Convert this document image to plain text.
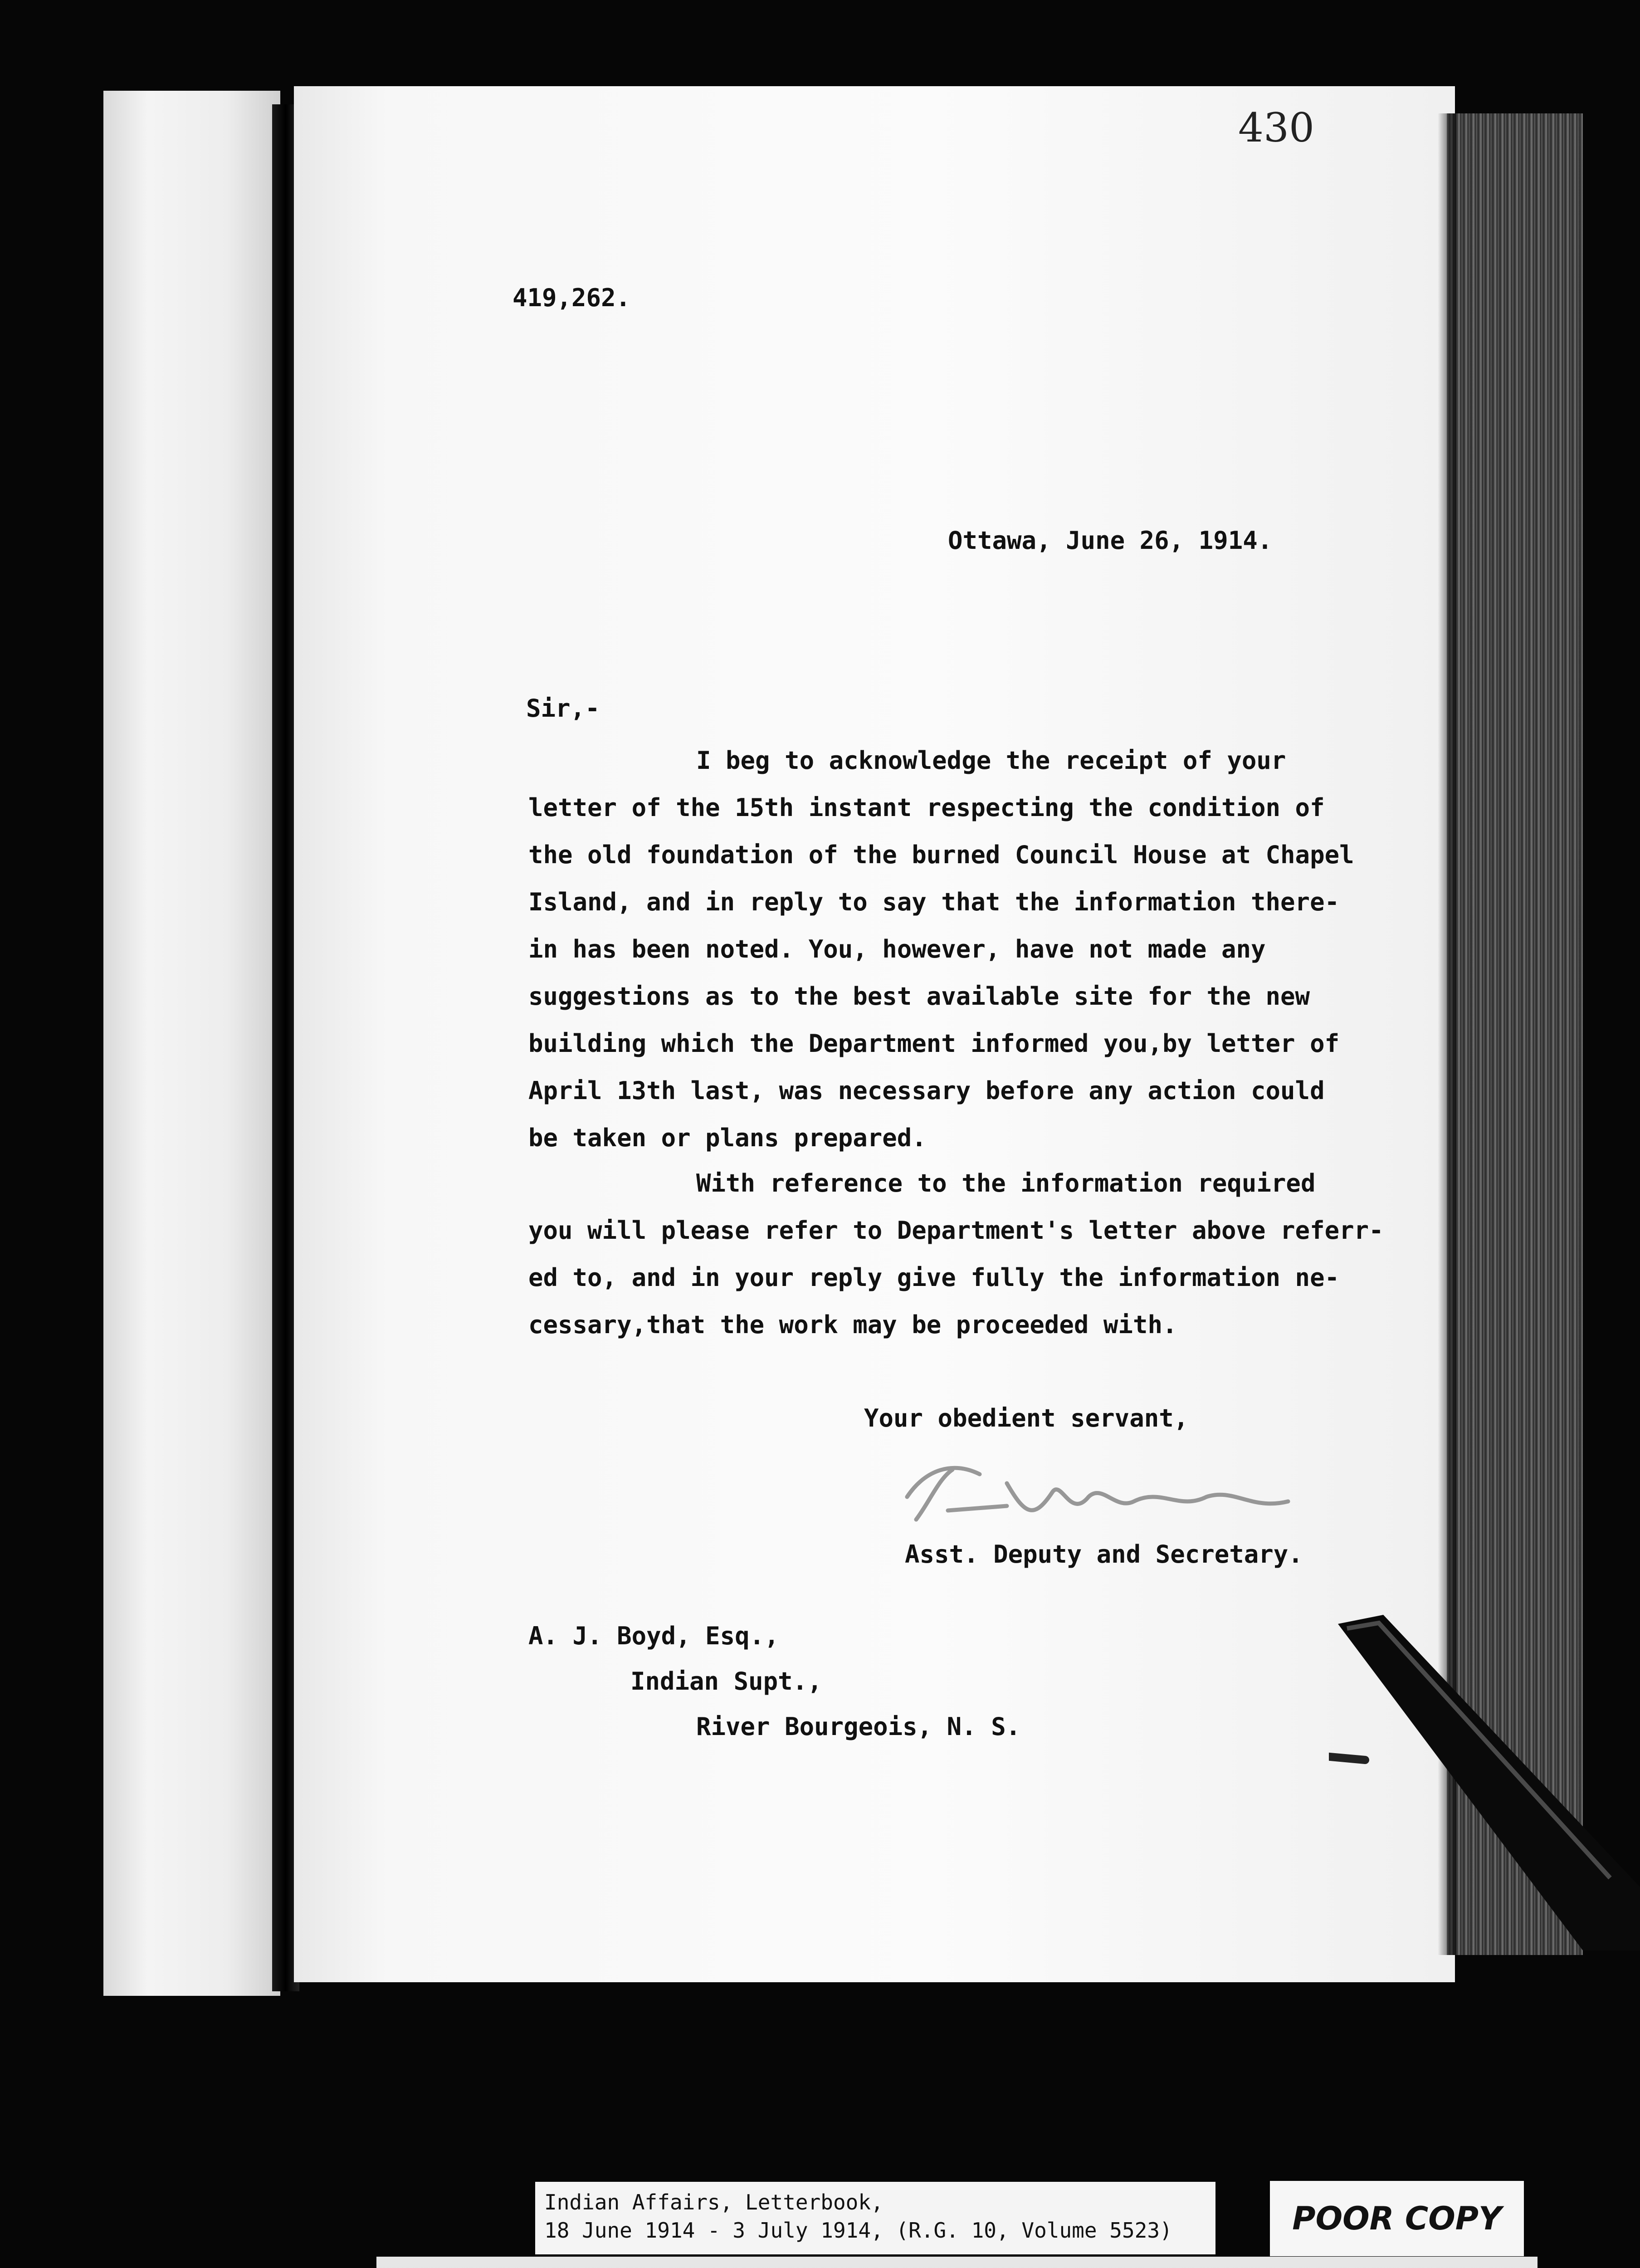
430
419,262.
Ottawa, June 26, 1914.
Sir,-
I beg to acknowledge the receipt of your
letter of the 15th instant respecting the condition of
the old foundation of the burned Council House at Chapel
Island, and in reply to say that the information there-
in has been noted. You, however, have not made any
suggestions as to the best available site for the new
building which the Department informed you,by letter of
April 13th last, was necessary before any action could
be taken or plans prepared.
With reference to the information required
you will please refer to Department's letter above referr-
ed to, and in your reply give fully the information ne-
cessary,that the work may be proceeded with.
Your obedient servant,
Asst. Deputy and Secretary.
A. J. Boyd, Esq.,
Indian Supt.,
River Bourgeois, N. S.
Indian Affairs, Letterbook,
18 June 1914 - 3 July 1914, (R.G. 10, Volume 5523)	POOR COPY
